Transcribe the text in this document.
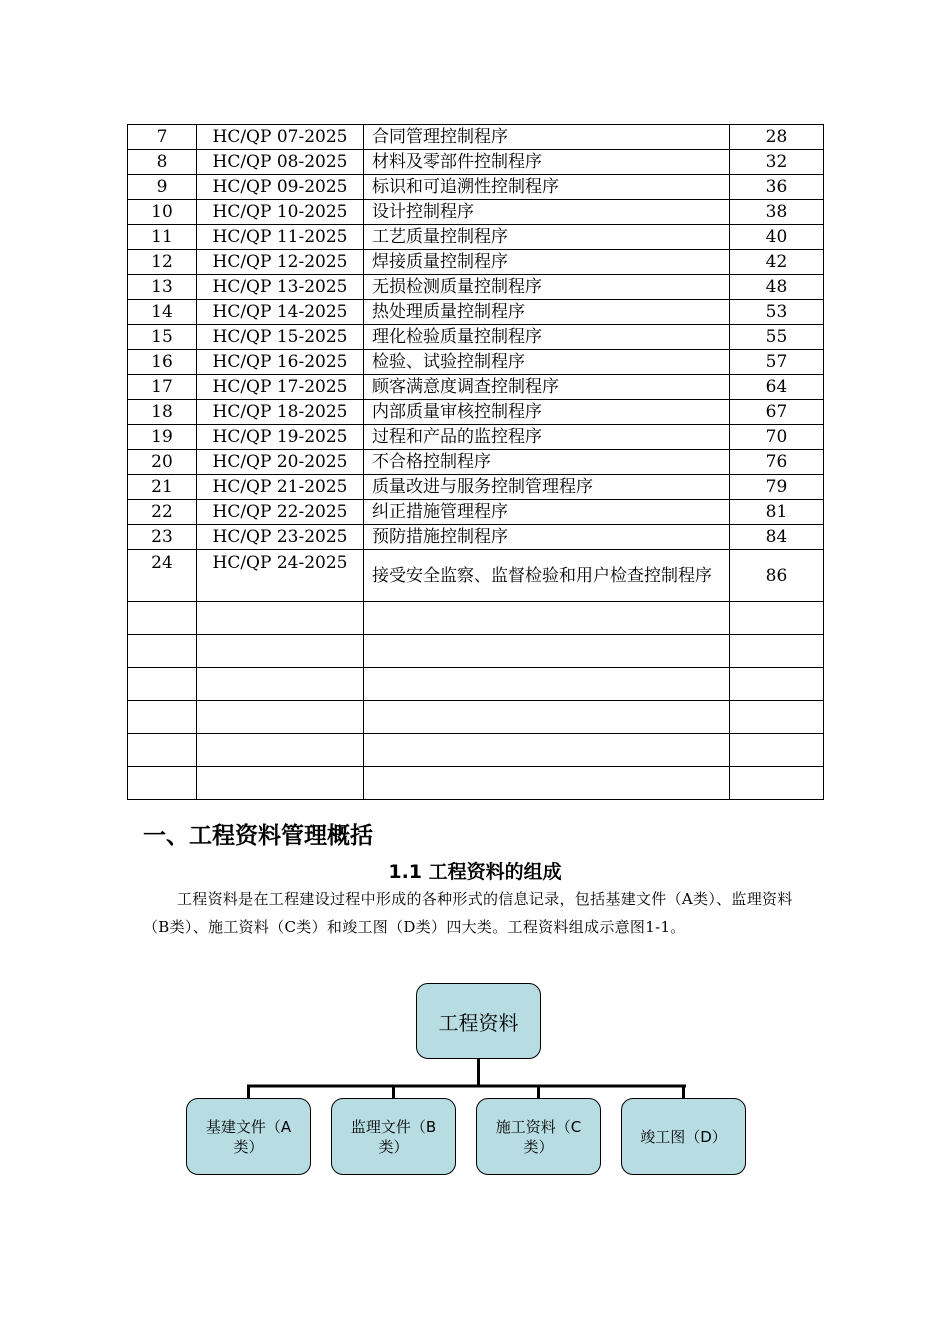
7	HC/QP 07-2025	合同管理控制程序	28
8	HC/QP 08-2025	材料及零部件控制程序	32
9	HC/QP 09-2025	标识和可追溯性控制程序	36
10	HC/QP 10-2025	设计控制程序	38
11	HC/QP 11-2025	工艺质量控制程序	40
12	HC/QP 12-2025	焊接质量控制程序	42
13	HC/QP 13-2025	无损检测质量控制程序	48
14	HC/QP 14-2025	热处理质量控制程序	53
15	HC/QP 15-2025	理化检验质量控制程序	55
16	HC/QP 16-2025	检验、试验控制程序	57
17	HC/QP 17-2025	顾客满意度调查控制程序	64
18	HC/QP 18-2025	内部质量审核控制程序	67
19	HC/QP 19-2025	过程和产品的监控程序	70
20	HC/QP 20-2025	不合格控制程序	76
21	HC/QP 21-2025	质量改进与服务控制管理程序	79
22	HC/QP 22-2025	纠正措施管理程序	81
23	HC/QP 23-2025	预防措施控制程序	84
24	HC/QP 24-2025	接受安全监察、监督检验和用户检查控制程序	86

一、工程资料管理概括
1.1 工程资料的组成

工程资料是在工程建设过程中形成的各种形式的信息记录，包括基建文件（A类）、监理资料（B类）、施工资料（C类）和竣工图（D类）四大类。工程资料组成示意图1-1。

工程资料
基建文件（A类）
监理文件（B类）
施工资料（C类）
竣工图（D）
